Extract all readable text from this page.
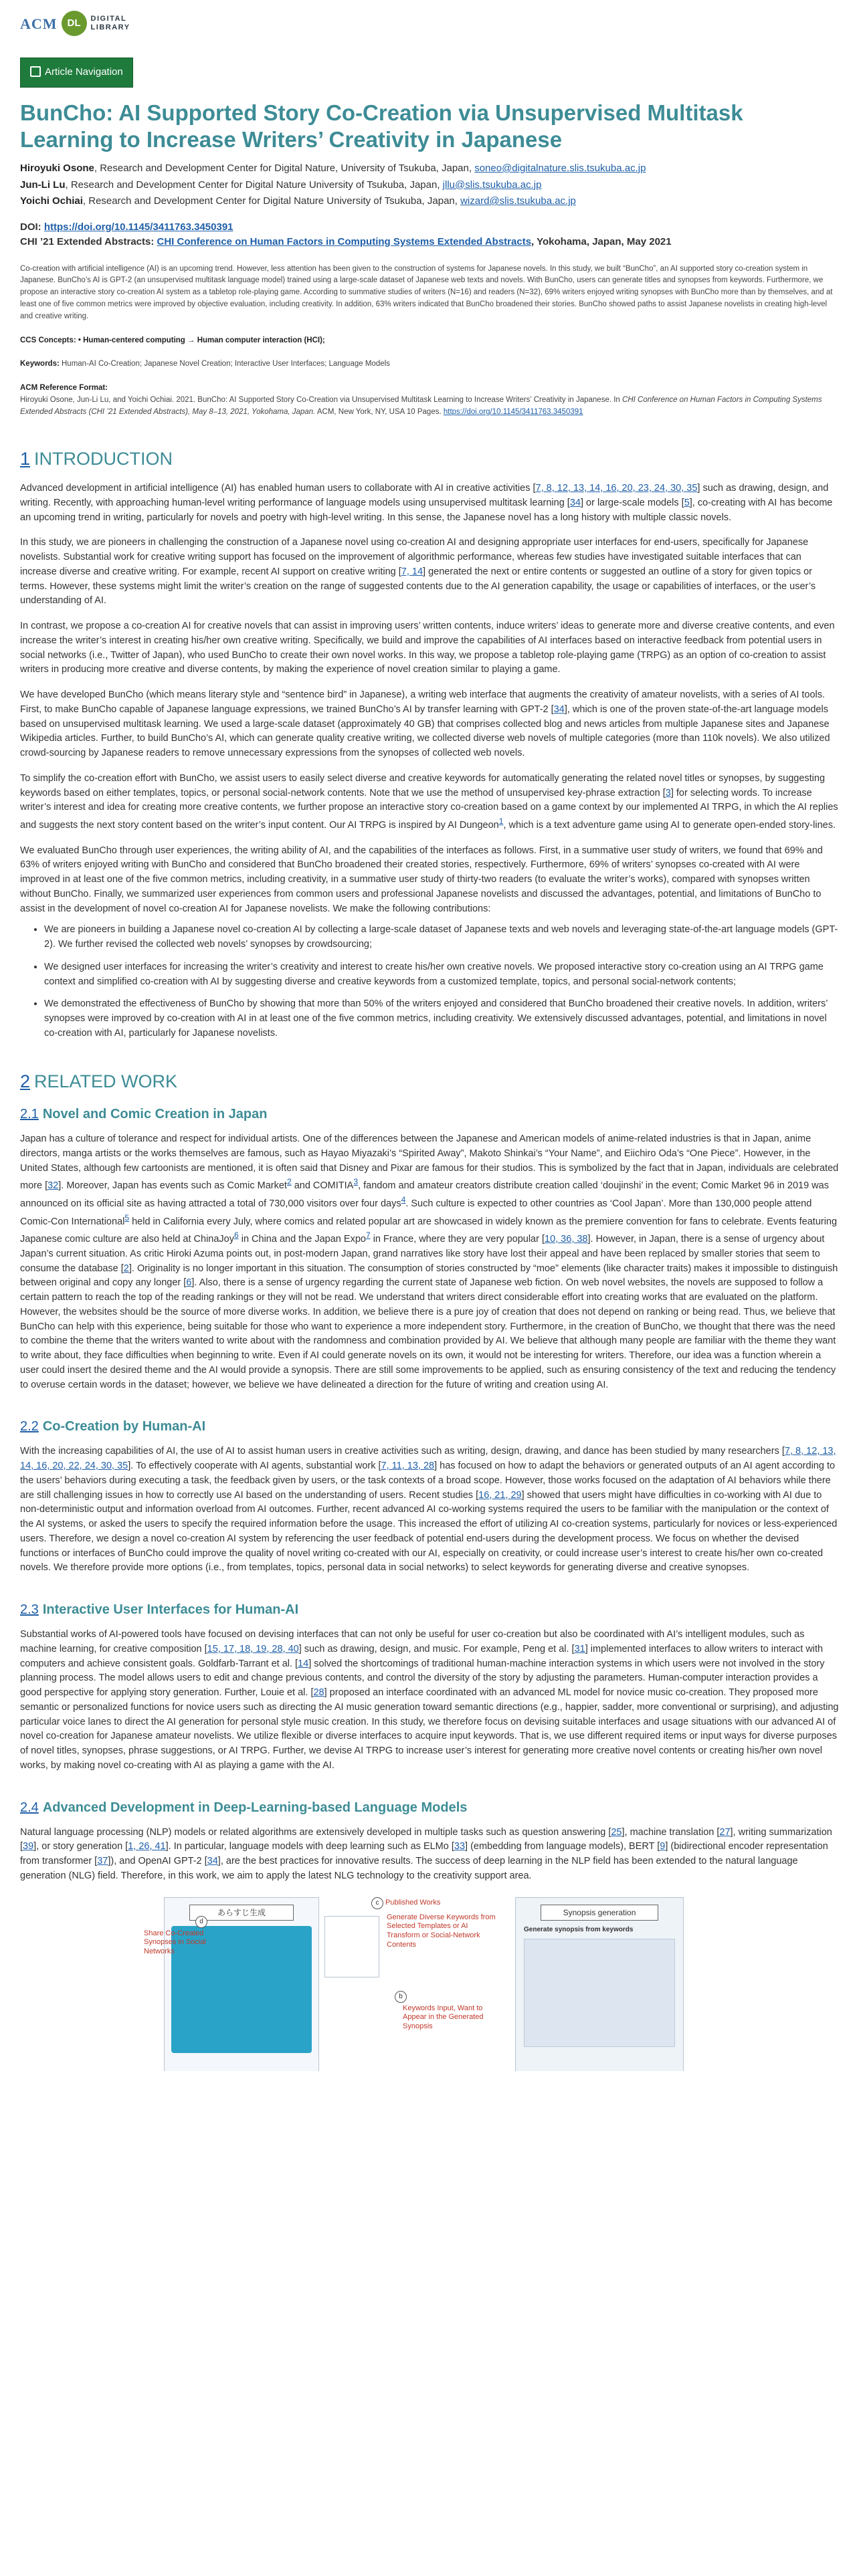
ACM	DL	DIGITAL
LIBRARY
Article Navigation
BunCho: AI Supported Story Co-Creation via Unsupervised Multitask Learning to Increase Writers’ Creativity in Japanese
Hiroyuki Osone, Research and Development Center for Digital Nature, University of Tsukuba, Japan, soneo@digitalnature.slis.tsukuba.ac.jp
Jun-Li Lu, Research and Development Center for Digital Nature University of Tsukuba, Japan, jllu@slis.tsukuba.ac.jp
Yoichi Ochiai, Research and Development Center for Digital Nature University of Tsukuba, Japan, wizard@slis.tsukuba.ac.jp
DOI: https://doi.org/10.1145/3411763.3450391
CHI ’21 Extended Abstracts: CHI Conference on Human Factors in Computing Systems Extended Abstracts, Yokohama, Japan, May 2021
Co-creation with artificial intelligence (AI) is an upcoming trend. However, less attention has been given to the construction of systems for Japanese novels. In this study, we built “BunCho”, an AI supported story co-creation system in Japanese. BunCho’s AI is GPT-2 (an unsupervised multitask language model) trained using a large-scale dataset of Japanese web texts and novels. With BunCho, users can generate titles and synopses from keywords. Furthermore, we propose an interactive story co-creation AI system as a tabletop role-playing game. According to summative studies of writers (N=16) and readers (N=32), 69% writers enjoyed writing synopses with BunCho more than by themselves, and at least one of five common metrics were improved by objective evaluation, including creativity. In addition, 63% writers indicated that BunCho broadened their stories. BunCho showed paths to assist Japanese novelists in creating high-level and creative writing.
CCS Concepts: • Human-centered computing → Human computer interaction (HCI);
Keywords: Human-AI Co-Creation; Japanese Novel Creation; Interactive User Interfaces; Language Models
ACM Reference Format:
Hiroyuki Osone, Jun-Li Lu, and Yoichi Ochiai. 2021. BunCho: AI Supported Story Co-Creation via Unsupervised Multitask Learning to Increase Writers’ Creativity in Japanese. In CHI Conference on Human Factors in Computing Systems Extended Abstracts (CHI ’21 Extended Abstracts), May 8–13, 2021, Yokohama, Japan. ACM, New York, NY, USA 10 Pages. https://doi.org/10.1145/3411763.3450391
1 INTRODUCTION

Advanced development in artificial intelligence (AI) has enabled human users to collaborate with AI in creative activities [7, 8, 12, 13, 14, 16, 20, 23, 24, 30, 35] such as drawing, design, and writing. Recently, with approaching human-level writing performance of language models using unsupervised multitask learning [34] or large-scale models [5], co-creating with AI has become an upcoming trend in writing, particularly for novels and poetry with high-level writing. In this sense, the Japanese novel has a long history with multiple classic novels.

In this study, we are pioneers in challenging the construction of a Japanese novel using co-creation AI and designing appropriate user interfaces for end-users, specifically for Japanese novelists. Substantial work for creative writing support has focused on the improvement of algorithmic performance, whereas few studies have investigated suitable interfaces that can increase diverse and creative writing. For example, recent AI support on creative writing [7, 14] generated the next or entire contents or suggested an outline of a story for given topics or terms. However, these systems might limit the writer’s creation on the range of suggested contents due to the AI generation capability, the usage or capabilities of interfaces, or the user’s understanding of AI.

In contrast, we propose a co-creation AI for creative novels that can assist in improving users’ written contents, induce writers’ ideas to generate more and diverse creative contents, and even increase the writer’s interest in creating his/her own creative writing. Specifically, we build and improve the capabilities of AI interfaces based on interactive feedback from potential users in social networks (i.e., Twitter of Japan), who used BunCho to create their own novel works. In this way, we propose a tabletop role-playing game (TRPG) as an option of co-creation to assist writers in producing more creative and diverse contents, by making the experience of novel creation similar to playing a game.

We have developed BunCho (which means literary style and “sentence bird” in Japanese), a writing web interface that augments the creativity of amateur novelists, with a series of AI tools. First, to make BunCho capable of Japanese language expressions, we trained BunCho’s AI by transfer learning with GPT-2 [34], which is one of the proven state-of-the-art language models based on unsupervised multitask learning. We used a large-scale dataset (approximately 40 GB) that comprises collected blog and news articles from multiple Japanese sites and Japanese Wikipedia articles. Further, to build BunCho’s AI, which can generate quality creative writing, we collected diverse web novels of multiple categories (more than 110k novels). We also utilized crowd-sourcing by Japanese readers to remove unnecessary expressions from the synopses of collected web novels.

To simplify the co-creation effort with BunCho, we assist users to easily select diverse and creative keywords for automatically generating the related novel titles or synopses, by suggesting keywords based on either templates, topics, or personal social-network contents. Note that we use the method of unsupervised key-phrase extraction [3] for selecting words. To increase writer’s interest and idea for creating more creative contents, we further propose an interactive story co-creation based on a game context by our implemented AI TRPG, in which the AI replies and suggests the next story content based on the writer’s input content. Our AI TRPG is inspired by AI Dungeon$^1$, which is a text adventure game using AI to generate open-ended story-lines.

We evaluated BunCho through user experiences, the writing ability of AI, and the capabilities of the interfaces as follows. First, in a summative user study of writers, we found that 69% and 63% of writers enjoyed writing with BunCho and considered that BunCho broadened their created stories, respectively. Furthermore, 69% of writers’ synopses co-created with AI were improved in at least one of the five common metrics, including creativity, in a summative user study of thirty-two readers (to evaluate the writer’s works), compared with synopses written without BunCho. Finally, we summarized user experiences from common users and professional Japanese novelists and discussed the advantages, potential, and limitations of BunCho to assist in the development of novel co-creation AI for Japanese novelists. We make the following contributions:

• We are pioneers in building a Japanese novel co-creation AI by collecting a large-scale dataset of Japanese texts and web novels and leveraging state-of-the-art language models (GPT-2). We further revised the collected web novels’ synopses by crowdsourcing;
• We designed user interfaces for increasing the writer’s creativity and interest to create his/her own creative novels. We proposed interactive story co-creation using an AI TRPG game context and simplified co-creation with AI by suggesting diverse and creative keywords from a customized template, topics, and personal social-network contents;
• We demonstrated the effectiveness of BunCho by showing that more than 50% of the writers enjoyed and considered that BunCho broadened their creative novels. In addition, writers’ synopses were improved by co-creation with AI in at least one of the five common metrics, including creativity. We extensively discussed advantages, potential, and limitations in novel co-creation with AI, particularly for Japanese novelists.
2 RELATED WORK
2.1 Novel and Comic Creation in Japan

Japan has a culture of tolerance and respect for individual artists. One of the differences between the Japanese and American models of anime-related industries is that in Japan, anime directors, manga artists or the works themselves are famous, such as Hayao Miyazaki’s “Spirited Away”, Makoto Shinkai’s “Your Name”, and Eiichiro Oda’s “One Piece”. However, in the United States, although few cartoonists are mentioned, it is often said that Disney and Pixar are famous for their studios. This is symbolized by the fact that in Japan, individuals are celebrated more [32]. Moreover, Japan has events such as Comic Market$^2$ and COMITIA$^3$, fandom and amateur creators distribute creation called ‘doujinshi’ in the event; Comic Market 96 in 2019 was announced on its official site as having attracted a total of 730,000 visitors over four days$^4$. Such culture is expected to other countries as ‘Cool Japan’. More than 130,000 people attend Comic-Con International$^5$ held in California every July, where comics and related popular art are showcased in widely known as the premiere convention for fans to celebrate. Events featuring Japanese comic culture are also held at ChinaJoy$^6$ in China and the Japan Expo$^7$ in France, where they are very popular [10, 36, 38]. However, in Japan, there is a sense of urgency about Japan’s current situation. As critic Hiroki Azuma points out, in post-modern Japan, grand narratives like story have lost their appeal and have been replaced by smaller stories that seem to consume the database [2]. Originality is no longer important in this situation. The consumption of stories constructed by “moe” elements (like character traits) makes it impossible to distinguish between original and copy any longer [6]. Also, there is a sense of urgency regarding the current state of Japanese web fiction. On web novel websites, the novels are supposed to follow a certain pattern to reach the top of the reading rankings or they will not be read. We understand that writers direct considerable effort into creating works that are evaluated on the platform. However, the websites should be the source of more diverse works. In addition, we believe there is a pure joy of creation that does not depend on ranking or being read. Thus, we believe that BunCho can help with this experience, being suitable for those who want to experience a more independent story. Furthermore, in the creation of BunCho, we thought that there was the need to combine the theme that the writers wanted to write about with the randomness and combination provided by AI. We believe that although many people are familiar with the theme they want to write about, they face difficulties when beginning to write. Even if AI could generate novels on its own, it would not be interesting for writers. Therefore, our idea was a function wherein a user could insert the desired theme and the AI would provide a synopsis. There are still some improvements to be applied, such as ensuring consistency of the text and reducing the tendency to overuse certain words in the dataset; however, we believe we have delineated a direction for the future of writing and creation using AI.

2.2 Co-Creation by Human-AI

With the increasing capabilities of AI, the use of AI to assist human users in creative activities such as writing, design, drawing, and dance has been studied by many researchers [7, 8, 12, 13, 14, 16, 20, 22, 24, 30, 35]. To effectively cooperate with AI agents, substantial work [7, 11, 13, 28] has focused on how to adapt the behaviors or generated outputs of an AI agent according to the users’ behaviors during executing a task, the feedback given by users, or the task contexts of a broad scope. However, those works focused on the adaptation of AI behaviors while there are still challenging issues in how to correctly use AI based on the understanding of users. Recent studies [16, 21, 29] showed that users might have difficulties in co-working with AI due to non-deterministic output and information overload from AI outcomes. Further, recent advanced AI co-working systems required the users to be familiar with the manipulation or the context of the AI systems, or asked the users to specify the required information before the usage. This increased the effort of utilizing AI co-creation systems, particularly for novices or less-experienced users. Therefore, we design a novel co-creation AI system by referencing the user feedback of potential end-users during the development process. We focus on whether the devised functions or interfaces of BunCho could improve the quality of novel writing co-created with our AI, especially on creativity, or could increase user’s interest to create his/her own co-created novels. We therefore provide more options (i.e., from templates, topics, personal data in social networks) to select keywords for generating diverse and creative synopses.

2.3 Interactive User Interfaces for Human-AI

Substantial works of AI-powered tools have focused on devising interfaces that can not only be useful for user co-creation but also be coordinated with AI’s intelligent modules, such as machine learning, for creative composition [15, 17, 18, 19, 28, 40] such as drawing, design, and music. For example, Peng et al. [31] implemented interfaces to allow writers to interact with computers and achieve consistent goals. Goldfarb-Tarrant et al. [14] solved the shortcomings of traditional human-machine interaction systems in which users were not involved in the story planning process. The model allows users to edit and change previous contents, and control the diversity of the story by adjusting the parameters. Human-computer interaction provides a good perspective for applying story generation. Further, Louie et al. [28] proposed an interface coordinated with an advanced ML model for novice music co-creation. They proposed more semantic or personalized functions for novice users such as directing the AI music generation toward semantic directions (e.g., happier, sadder, more conventional or surprising), and adjusting particular voice lanes to direct the AI generation for personal style music creation. In this study, we therefore focus on devising suitable interfaces and usage situations with our advanced AI of novel co-creation for Japanese amateur novelists. We utilize flexible or diverse interfaces to acquire input keywords. That is, we use different required items or input ways for diverse purposes of novel titles, synopses, phrase suggestions, or AI TRPG. Further, we devise AI TRPG to increase user’s interest for generating more creative novel contents or creating his/her own novel works, by making novel co-creating with AI as playing a game with the AI.

2.4 Advanced Development in Deep-Learning-based Language Models

Natural language processing (NLP) models or related algorithms are extensively developed in multiple tasks such as question answering [25], machine translation [27], writing summarization [39], or story generation [1, 26, 41]. In particular, language models with deep learning such as ELMo [33] (embedding from language models), BERT [9] (bidirectional encoder representation from transformer [37]), and OpenAI GPT-2 [34], are the best practices for innovative results. The success of deep learning in the NLP field has been extended to the natural language generation (NLG) field. Therefore, in this work, we aim to apply the latest NLG technology to the creativity support area.

あらすじ生成
d
Share Co-Created Synopses in Social Networks
c Published Works
Generate Diverse Keywords from Selected Templates or AI Transform or Social-Network Contents
b
Keywords Input, Want to Appear in the Generated Synopsis
Synopsis generation
Generate synopsis from keywords
